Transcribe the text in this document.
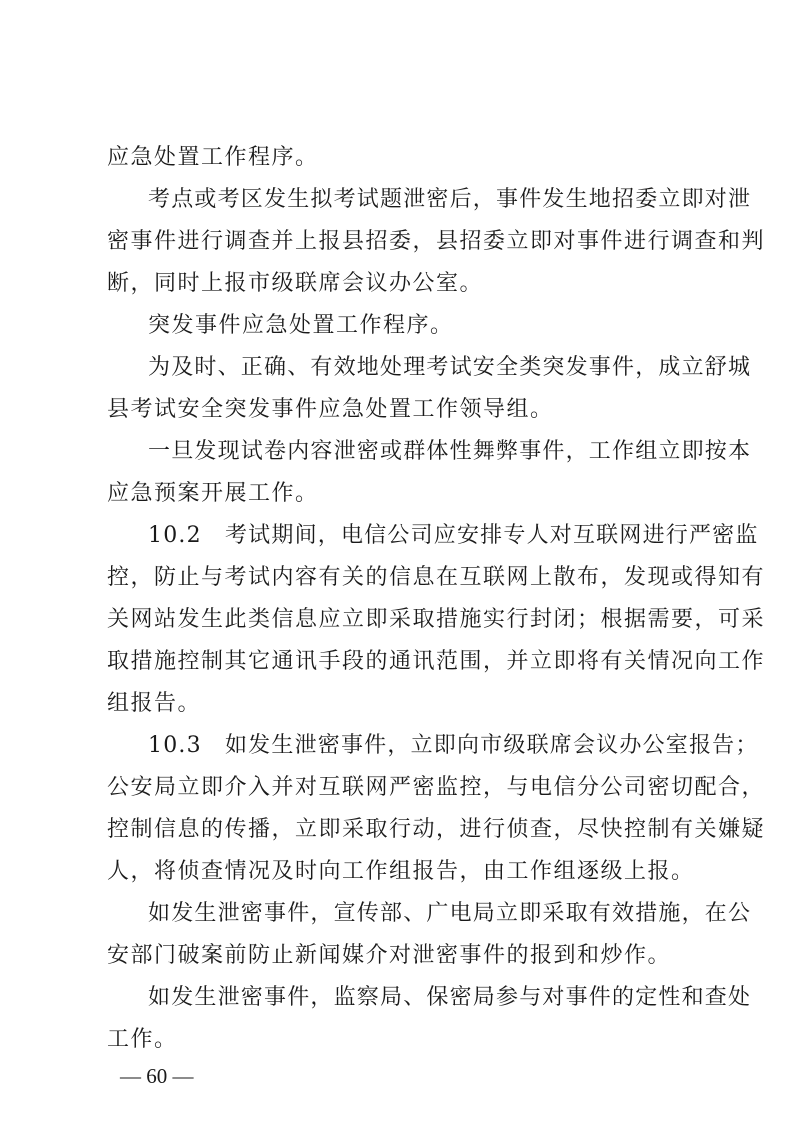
应急处置工作程序。
考点或考区发生拟考试题泄密后，事件发生地招委立即对泄
密事件进行调查并上报县招委，县招委立即对事件进行调查和判
断，同时上报市级联席会议办公室。
突发事件应急处置工作程序。
为及时、正确、有效地处理考试安全类突发事件，成立舒城
县考试安全突发事件应急处置工作领导组。
一旦发现试卷内容泄密或群体性舞弊事件，工作组立即按本
应急预案开展工作。
10.2　考试期间，电信公司应安排专人对互联网进行严密监
控，防止与考试内容有关的信息在互联网上散布，发现或得知有
关网站发生此类信息应立即采取措施实行封闭；根据需要，可采
取措施控制其它通讯手段的通讯范围，并立即将有关情况向工作
组报告。
10.3　如发生泄密事件，立即向市级联席会议办公室报告；
公安局立即介入并对互联网严密监控，与电信分公司密切配合，
控制信息的传播，立即采取行动，进行侦查，尽快控制有关嫌疑
人，将侦查情况及时向工作组报告，由工作组逐级上报。
如发生泄密事件，宣传部、广电局立即采取有效措施，在公
安部门破案前防止新闻媒介对泄密事件的报到和炒作。
如发生泄密事件，监察局、保密局参与对事件的定性和查处
工作。
— 60 —
